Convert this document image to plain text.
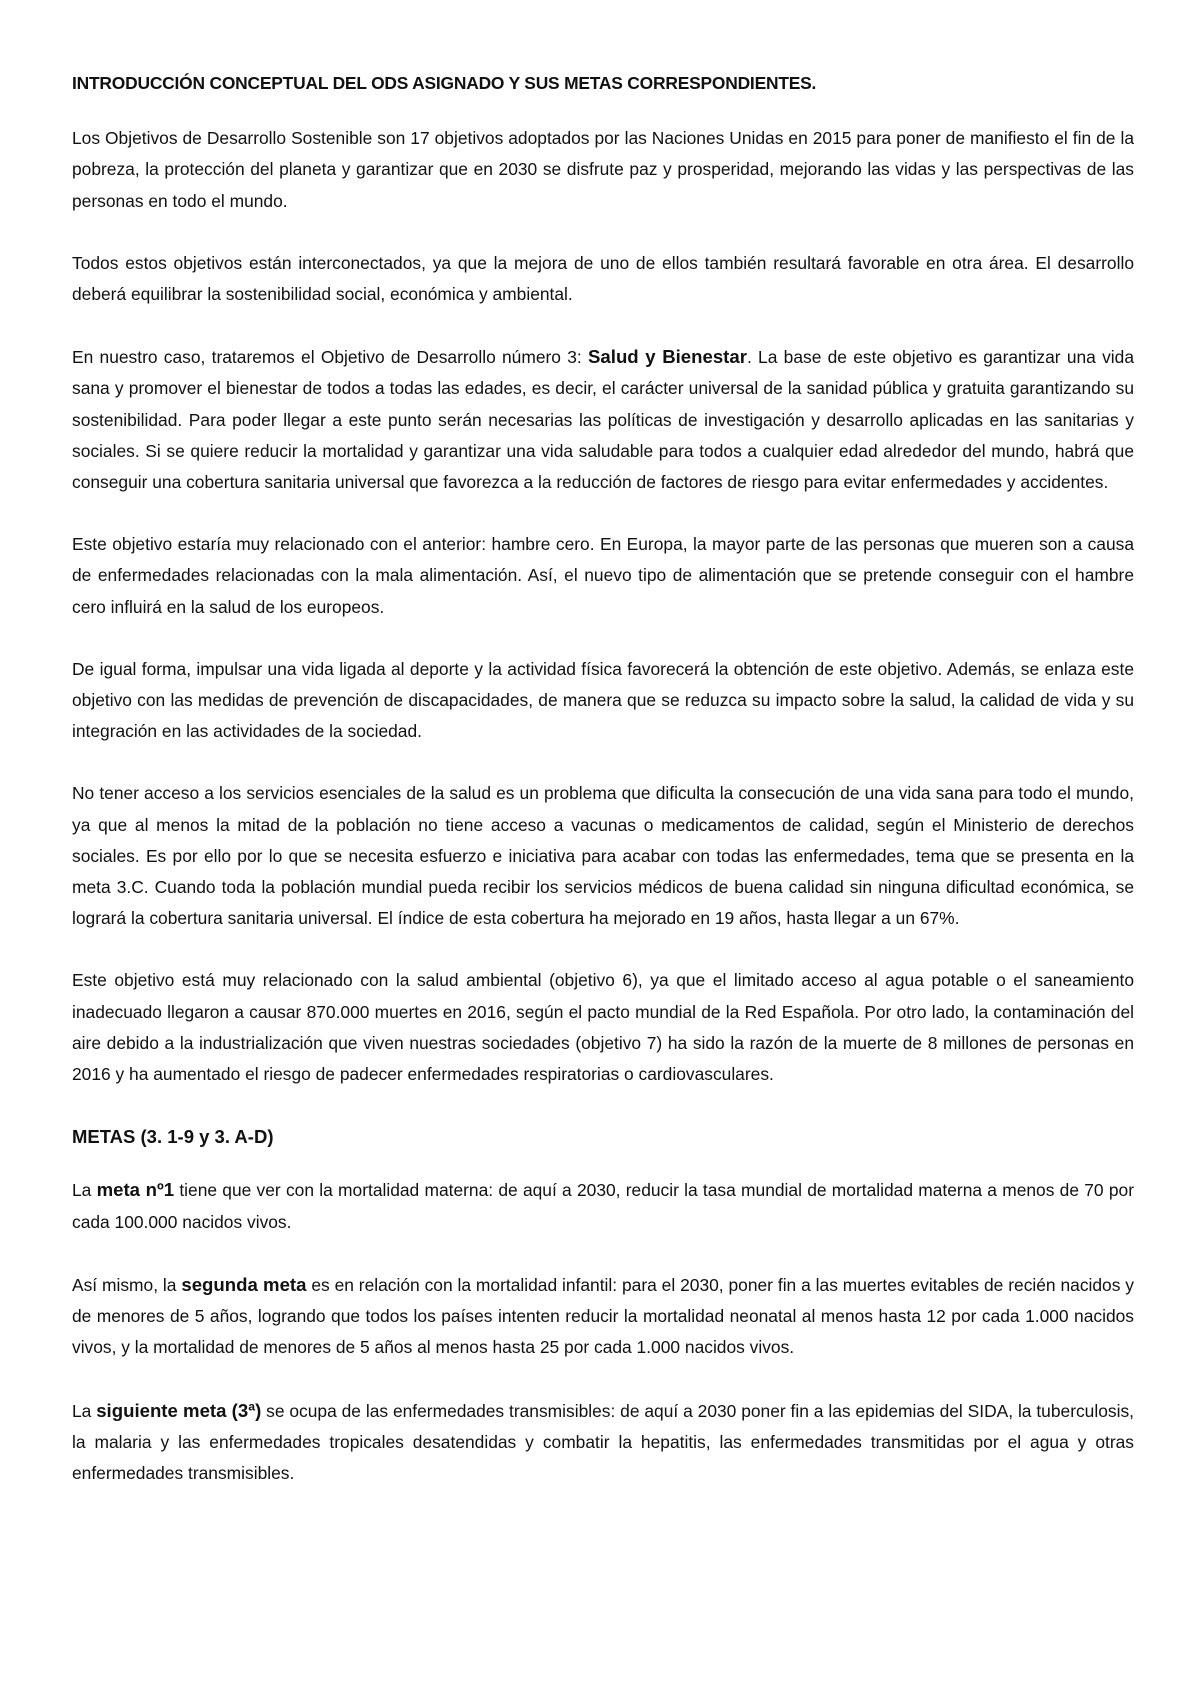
INTRODUCCIÓN CONCEPTUAL DEL ODS ASIGNADO Y SUS METAS CORRESPONDIENTES.

Los Objetivos de Desarrollo Sostenible son 17 objetivos adoptados por las Naciones Unidas en 2015 para poner de manifiesto el fin de la pobreza, la protección del planeta y garantizar que en 2030 se disfrute paz y prosperidad, mejorando las vidas y las perspectivas de las personas en todo el mundo.

Todos estos objetivos están interconectados, ya que la mejora de uno de ellos también resultará favorable en otra área. El desarrollo deberá equilibrar la sostenibilidad social, económica y ambiental.

En nuestro caso, trataremos el Objetivo de Desarrollo número 3: Salud y Bienestar. La base de este objetivo es garantizar una vida sana y promover el bienestar de todos a todas las edades, es decir, el carácter universal de la sanidad pública y gratuita garantizando su sostenibilidad. Para poder llegar a este punto serán necesarias las políticas de investigación y desarrollo aplicadas en las sanitarias y sociales. Si se quiere reducir la mortalidad y garantizar una vida saludable para todos a cualquier edad alrededor del mundo, habrá que conseguir una cobertura sanitaria universal que favorezca a la reducción de factores de riesgo para evitar enfermedades y accidentes.

Este objetivo estaría muy relacionado con el anterior: hambre cero. En Europa, la mayor parte de las personas que mueren son a causa de enfermedades relacionadas con la mala alimentación. Así, el nuevo tipo de alimentación que se pretende conseguir con el hambre cero influirá en la salud de los europeos.

De igual forma, impulsar una vida ligada al deporte y la actividad física favorecerá la obtención de este objetivo. Además, se enlaza este objetivo con las medidas de prevención de discapacidades, de manera que se reduzca su impacto sobre la salud, la calidad de vida y su integración en las actividades de la sociedad.

No tener acceso a los servicios esenciales de la salud es un problema que dificulta la consecución de una vida sana para todo el mundo, ya que al menos la mitad de la población no tiene acceso a vacunas o medicamentos de calidad, según el Ministerio de derechos sociales. Es por ello por lo que se necesita esfuerzo e iniciativa para acabar con todas las enfermedades, tema que se presenta en la meta 3.C. Cuando toda la población mundial pueda recibir los servicios médicos de buena calidad sin ninguna dificultad económica, se logrará la cobertura sanitaria universal. El índice de esta cobertura ha mejorado en 19 años, hasta llegar a un 67%.

Este objetivo está muy relacionado con la salud ambiental (objetivo 6), ya que el limitado acceso al agua potable o el saneamiento inadecuado llegaron a causar 870.000 muertes en 2016, según el pacto mundial de la Red Española. Por otro lado, la contaminación del aire debido a la industrialización que viven nuestras sociedades (objetivo 7) ha sido la razón de la muerte de 8 millones de personas en 2016 y ha aumentado el riesgo de padecer enfermedades respiratorias o cardiovasculares.

METAS (3. 1-9 y 3. A-D)

La meta nº1 tiene que ver con la mortalidad materna: de aquí a 2030, reducir la tasa mundial de mortalidad materna a menos de 70 por cada 100.000 nacidos vivos.

Así mismo, la segunda meta es en relación con la mortalidad infantil: para el 2030, poner fin a las muertes evitables de recién nacidos y de menores de 5 años, logrando que todos los países intenten reducir la mortalidad neonatal al menos hasta 12 por cada 1.000 nacidos vivos, y la mortalidad de menores de 5 años al menos hasta 25 por cada 1.000 nacidos vivos.

La siguiente meta (3ª) se ocupa de las enfermedades transmisibles: de aquí a 2030 poner fin a las epidemias del SIDA, la tuberculosis, la malaria y las enfermedades tropicales desatendidas y combatir la hepatitis, las enfermedades transmitidas por el agua y otras enfermedades transmisibles.
